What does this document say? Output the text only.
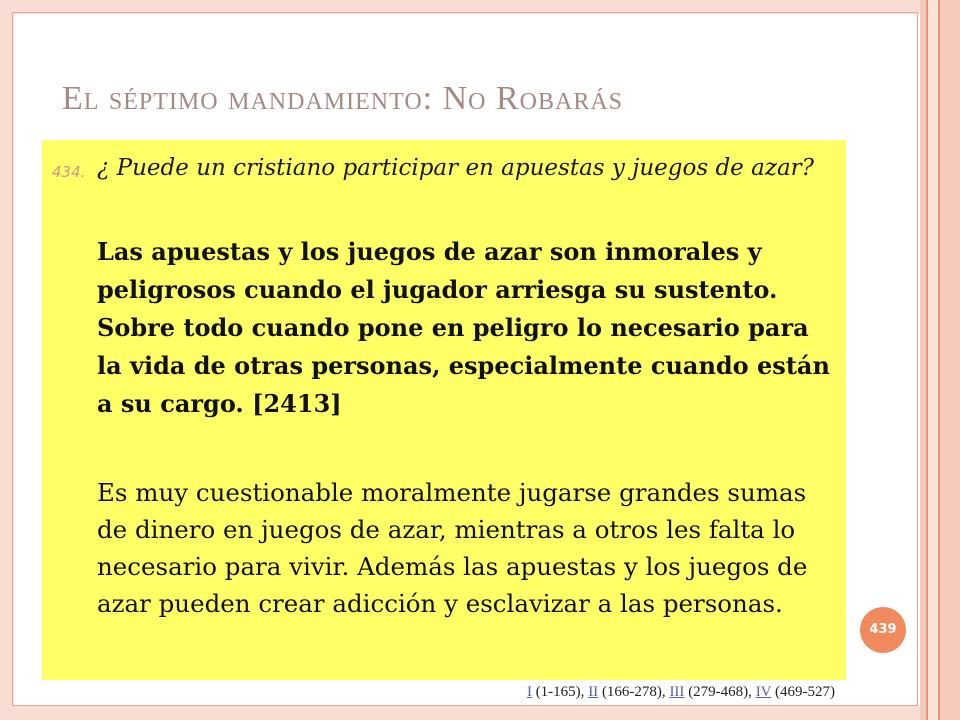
El séptimo mandamiento: No Robarás
434. ¿ Puede un cristiano participar en apuestas y juegos de azar?

Las apuestas y los juegos de azar son inmorales y peligrosos cuando el jugador arriesga su sustento. Sobre todo cuando pone en peligro lo necesario para la vida de otras personas, especialmente cuando están a su cargo. [2413]

Es muy cuestionable moralmente jugarse grandes sumas de dinero en juegos de azar, mientras a otros les falta lo necesario para vivir. Además las apuestas y los juegos de azar pueden crear adicción y esclavizar a las personas.

439
I (1-165), II (166-278), III (279-468), IV (469-527)
